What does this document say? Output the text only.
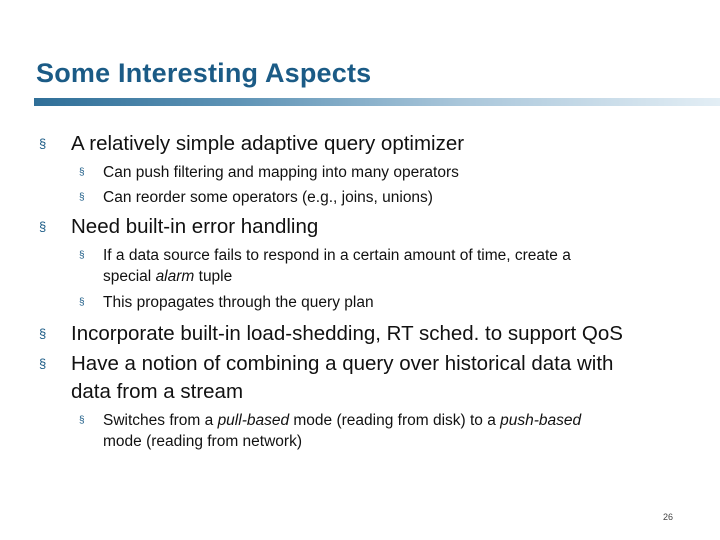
Some Interesting Aspects

§ A relatively simple adaptive query optimizer

§ Can push filtering and mapping into many operators

§ Can reorder some operators (e.g., joins, unions)

§ Need built-in error handling

§ If a data source fails to respond in a certain amount of time, create a

special alarm tuple

§ This propagates through the query plan

§ Incorporate built-in load-shedding, RT sched. to support QoS

§ Have a notion of combining a query over historical data with

data from a stream

§ Switches from a pull-based mode (reading from disk) to a push-based

mode (reading from network)

26
